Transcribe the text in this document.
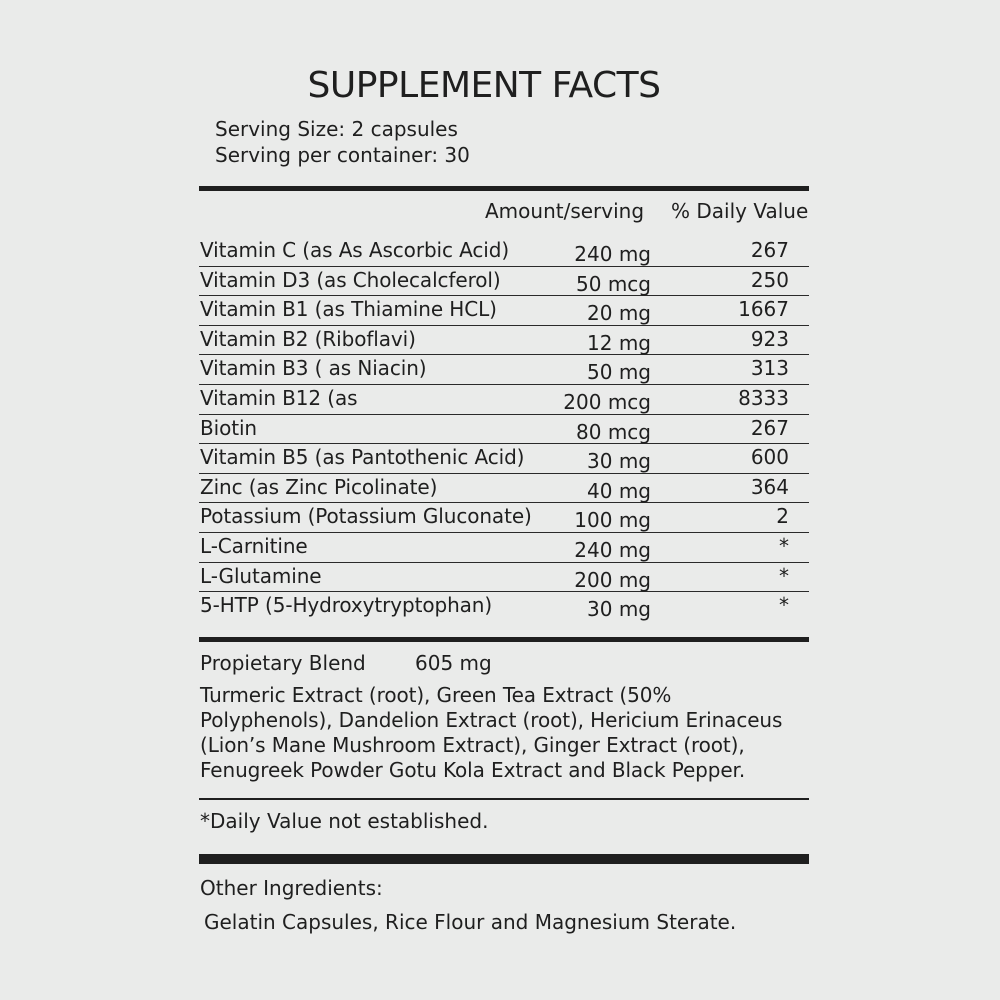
SUPPLEMENT FACTS
Serving Size: 2 capsules
Serving per container: 30
Amount/serving % Daily Value
Vitamin C (as As Ascorbic Acid)	240 mg	267
Vitamin D3 (as Cholecalcferol)	50 mcg	250
Vitamin B1 (as Thiamine HCL)	20 mg	1667
Vitamin B2 (Riboflavi)	12 mg	923
Vitamin B3 ( as Niacin)	50 mg	313
Vitamin B12 (as	200 mcg	8333
Biotin	80 mcg	267
Vitamin B5 (as Pantothenic Acid)	30 mg	600
Zinc (as Zinc Picolinate)	40 mg	364
Potassium (Potassium Gluconate) 100 mg	2
L-Carnitine	240 mg	*
L-Glutamine	200 mg	*
5-HTP (5-Hydroxytryptophan)	30 mg	*
Propietary Blend 605 mg
Turmeric Extract (root), Green Tea Extract (50%
Polyphenols), Dandelion Extract (root), Hericium Erinaceus
(Lion’s Mane Mushroom Extract), Ginger Extract (root),
Fenugreek Powder Gotu Kola Extract and Black Pepper.
*Daily Value not established.
Other Ingredients:
Gelatin Capsules, Rice Flour and Magnesium Sterate.
